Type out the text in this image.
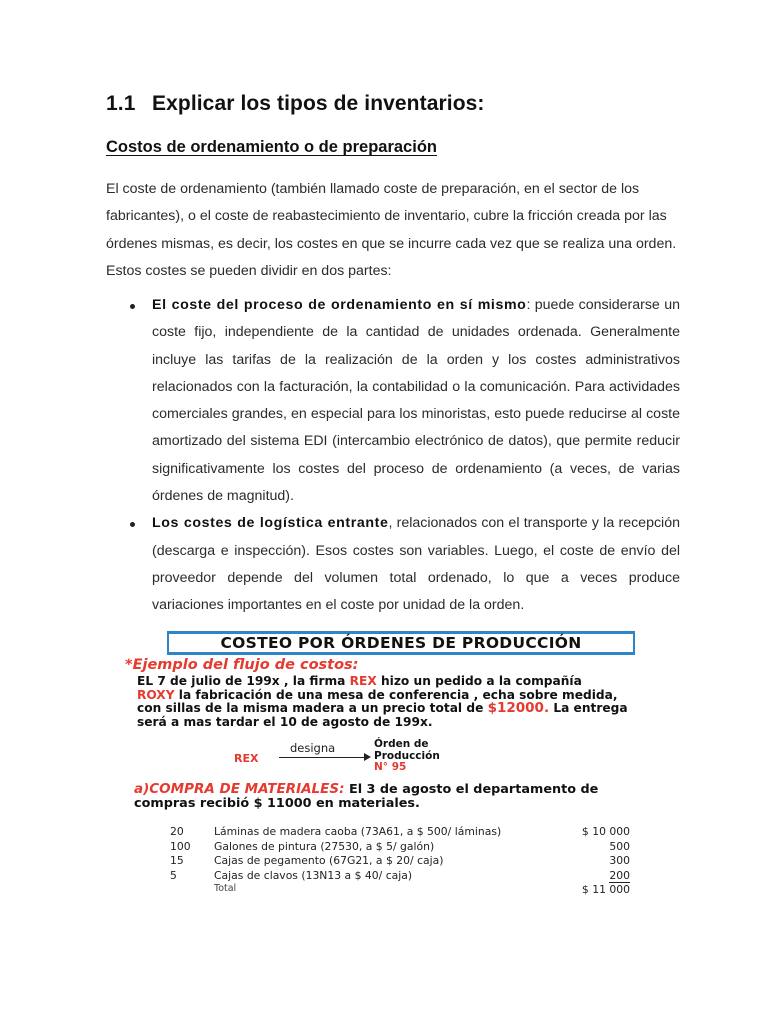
1.1 Explicar los tipos de inventarios:
Costos de ordenamiento o de preparación

El coste de ordenamiento (también llamado coste de preparación, en el sector de los fabricantes), o el coste de reabastecimiento de inventario, cubre la fricción creada por las órdenes mismas, es decir, los costes en que se incurre cada vez que se realiza una orden. Estos costes se pueden dividir en dos partes:

El coste del proceso de ordenamiento en sí mismo: puede considerarse un coste fijo, independiente de la cantidad de unidades ordenada. Generalmente incluye las tarifas de la realización de la orden y los costes administrativos relacionados con la facturación, la contabilidad o la comunicación. Para actividades comerciales grandes, en especial para los minoristas, esto puede reducirse al coste amortizado del sistema EDI (intercambio electrónico de datos), que permite reducir significativamente los costes del proceso de ordenamiento (a veces, de varias órdenes de magnitud).
Los costes de logística entrante, relacionados con el transporte y la recepción (descarga e inspección). Esos costes son variables. Luego, el coste de envío del proveedor depende del volumen total ordenado, lo que a veces produce variaciones importantes en el coste por unidad de la orden.
COSTEO POR ÓRDENES DE PRODUCCIÓN
*Ejemplo del flujo de costos:
EL 7 de julio de 199x , la firma REX hizo un pedido a la compañía
ROXY la fabricación de una mesa de conferencia , echa sobre medida, con sillas de la misma madera a un precio total de $12000. La entrega será a mas tardar el 10 de agosto de 199x.
REX
designa	Órden de
Producción
N° 95
a)COMPRA DE MATERIALES: El 3 de agosto el departamento de compras recibió $ 11000 en materiales.
20	Láminas de madera caoba (73A61, a $ 500/ láminas)	$ 10 000
100	Galones de pintura (27530, a $ 5/ galón)	500
15	Cajas de pegamento (67G21, a $ 20/ caja)	300
5	Cajas de clavos (13N13 a $ 40/ caja)	200
Total	$ 11 000
